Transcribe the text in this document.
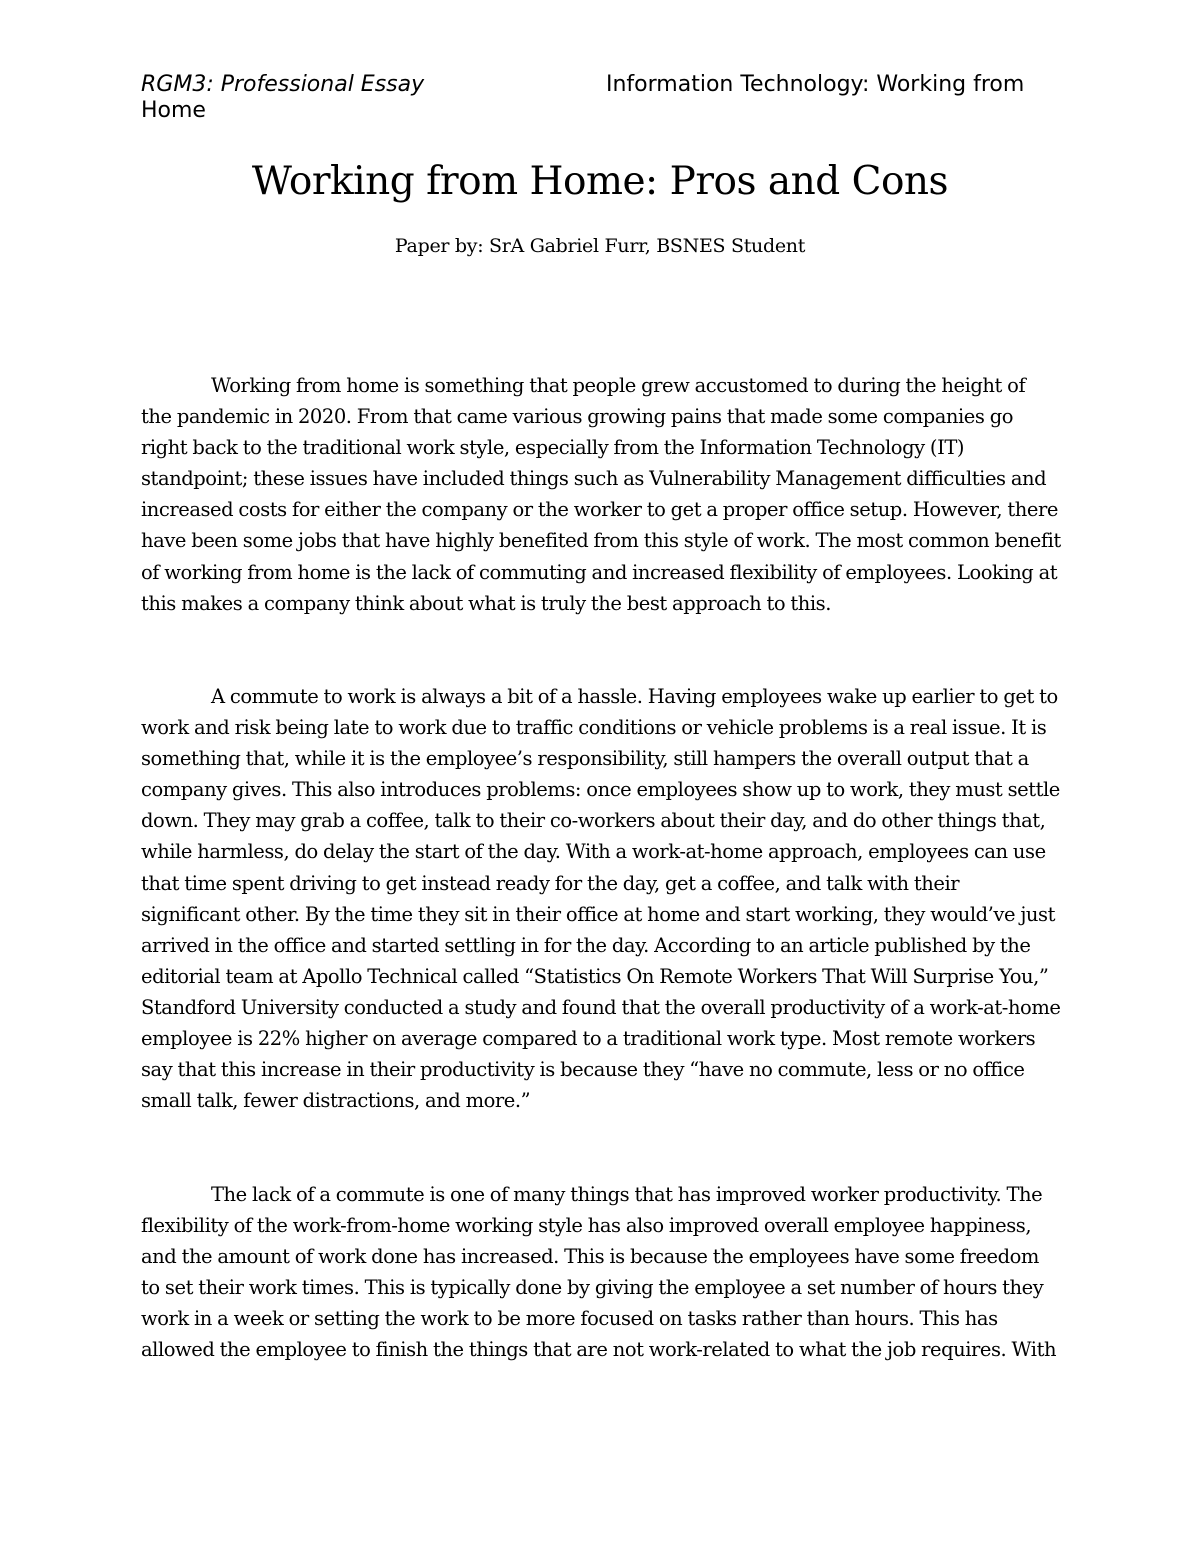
RGM3: Professional Essay	Information Technology: Working from Home
Working from Home: Pros and Cons
Paper by: SrA Gabriel Furr, BSNES Student

Working from home is something that people grew accustomed to during the height of the pandemic in 2020. From that came various growing pains that made some companies go right back to the traditional work style, especially from the Information Technology (IT) standpoint; these issues have included things such as Vulnerability Management difficulties and increased costs for either the company or the worker to get a proper office setup. However, there have been some jobs that have highly benefited from this style of work. The most common benefit of working from home is the lack of commuting and increased flexibility of employees. Looking at this makes a company think about what is truly the best approach to this.

A commute to work is always a bit of a hassle. Having employees wake up earlier to get to work and risk being late to work due to traffic conditions or vehicle problems is a real issue. It is something that, while it is the employee’s responsibility, still hampers the overall output that a company gives. This also introduces problems: once employees show up to work, they must settle down. They may grab a coffee, talk to their co-workers about their day, and do other things that, while harmless, do delay the start of the day. With a work-at-home approach, employees can use that time spent driving to get instead ready for the day, get a coffee, and talk with their significant other. By the time they sit in their office at home and start working, they would’ve just arrived in the office and started settling in for the day. According to an article published by the editorial team at Apollo Technical called “Statistics On Remote Workers That Will Surprise You,” Standford University conducted a study and found that the overall productivity of a work-at-home employee is 22% higher on average compared to a traditional work type. Most remote workers say that this increase in their productivity is because they “have no commute, less or no office small talk, fewer distractions, and more.”

The lack of a commute is one of many things that has improved worker productivity. The flexibility of the work-from-home working style has also improved overall employee happiness, and the amount of work done has increased. This is because the employees have some freedom to set their work times. This is typically done by giving the employee a set number of hours they work in a week or setting the work to be more focused on tasks rather than hours. This has allowed the employee to finish the things that are not work-related to what the job requires. With
